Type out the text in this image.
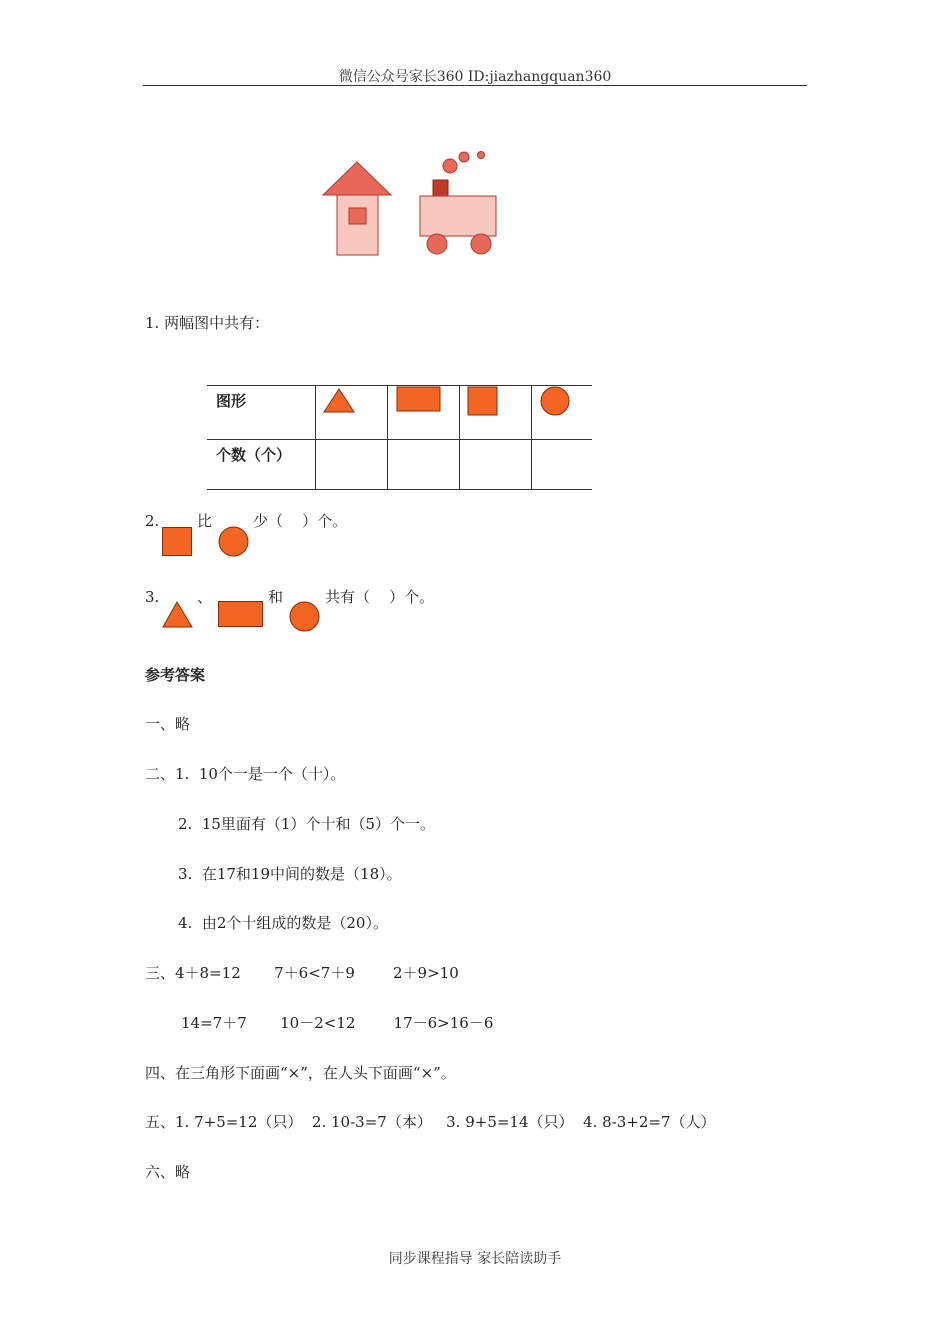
微信公众号家长360 ID:jiazhangquan360
1. 两幅图中共有：
图形

个数（个）				

2.	比	少（    ）个。
3.	、	和	共有（    ）个。
参考答案
一、略
二、1.  10个一是一个（十）。
2.  15里面有（1）个十和（5）个一。
3.  在17和19中间的数是（18）。
4.  由2个十组成的数是（20）。
三、4＋8=12       7＋6<7＋9        2＋9>10
14=7＋7       10－2<12        17－6>16－6
四、在三角形下面画“×”，在人头下面画“×”。
五、1. 7+5=12（只）  2. 10-3=7（本）   3. 9+5=14（只）  4. 8-3+2=7（人）
六、略
同步课程指导 家长陪读助手
